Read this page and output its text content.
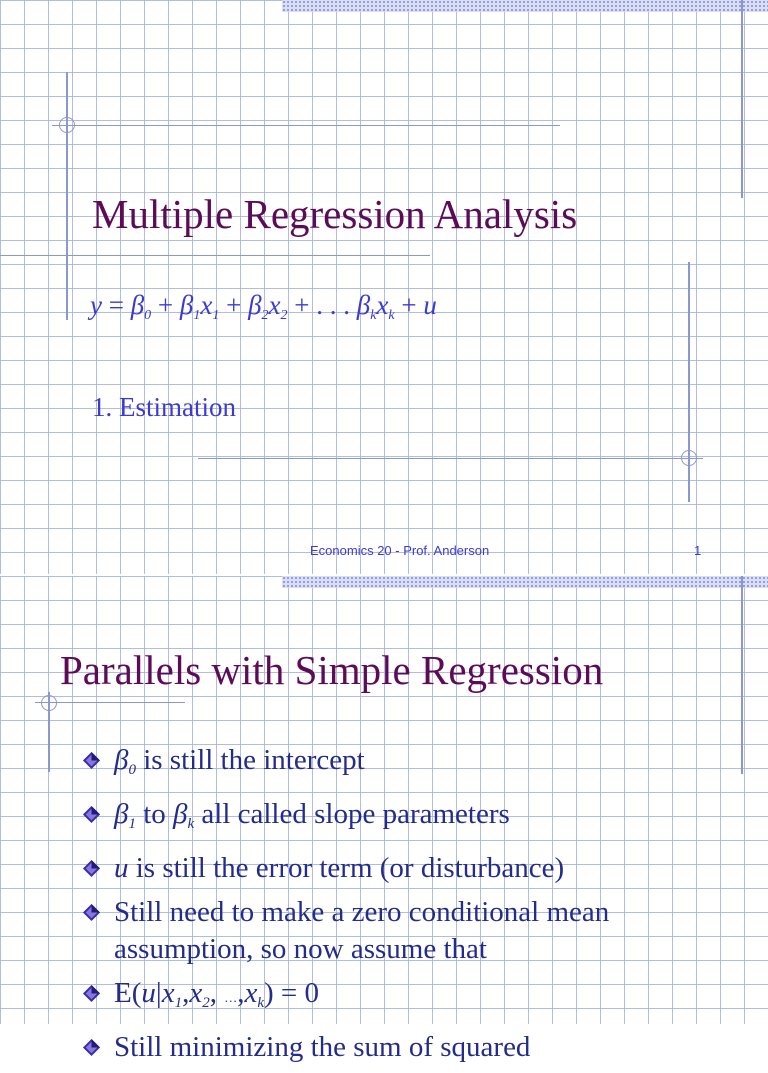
Multiple Regression Analysis
$y = \beta_0 + \beta_1x_1 + \beta_2x_2$ + . . . $\beta_kx_k + u$
1. Estimation
Economics 20 - Prof. Anderson	1
Parallels with Simple Regression
$\beta_0$ is still the intercept
$\beta_1$ to $\beta_k$ all called slope parameters
u is still the error term (or disturbance)
Still need to make a zero conditional mean
assumption, so now assume that
$E(u|x_1,x_2$, $\dots,x_k) = 0$
Still minimizing the sum of squared
